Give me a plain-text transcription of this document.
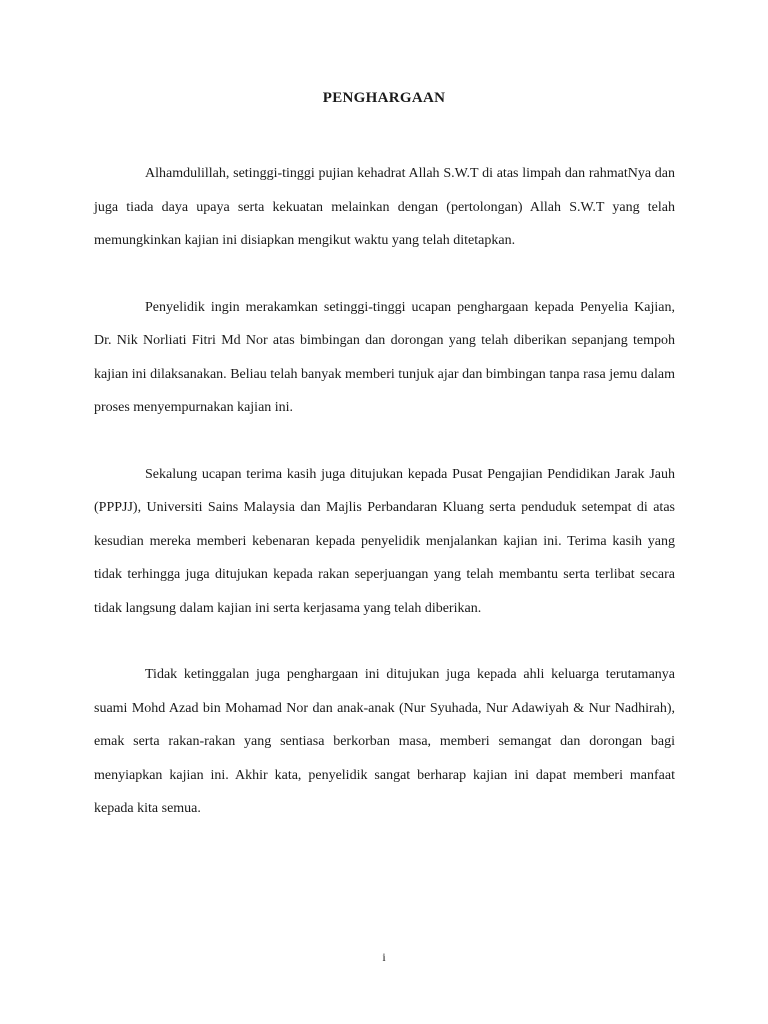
PENGHARGAAN

Alhamdulillah, setinggi-tinggi pujian kehadrat Allah S.W.T di atas limpah dan rahmatNya dan juga tiada daya upaya serta kekuatan melainkan dengan (pertolongan) Allah S.W.T yang telah memungkinkan kajian ini disiapkan mengikut waktu yang telah ditetapkan.

Penyelidik ingin merakamkan setinggi-tinggi ucapan penghargaan kepada Penyelia Kajian, Dr. Nik Norliati Fitri Md Nor atas bimbingan dan dorongan yang telah diberikan sepanjang tempoh kajian ini dilaksanakan. Beliau telah banyak memberi tunjuk ajar dan bimbingan tanpa rasa jemu dalam proses menyempurnakan kajian ini.

Sekalung ucapan terima kasih juga ditujukan kepada Pusat Pengajian Pendidikan Jarak Jauh (PPPJJ), Universiti Sains Malaysia dan Majlis Perbandaran Kluang serta penduduk setempat di atas kesudian mereka memberi kebenaran kepada penyelidik menjalankan kajian ini. Terima kasih yang tidak terhingga juga ditujukan kepada rakan seperjuangan yang telah membantu serta terlibat secara tidak langsung dalam kajian ini serta kerjasama yang telah diberikan.

Tidak ketinggalan juga penghargaan ini ditujukan juga kepada ahli keluarga terutamanya suami Mohd Azad bin Mohamad Nor dan anak-anak (Nur Syuhada, Nur Adawiyah & Nur Nadhirah), emak serta rakan-rakan yang sentiasa berkorban masa, memberi semangat dan dorongan bagi menyiapkan kajian ini. Akhir kata, penyelidik sangat berharap kajian ini dapat memberi manfaat kepada kita semua.

i
